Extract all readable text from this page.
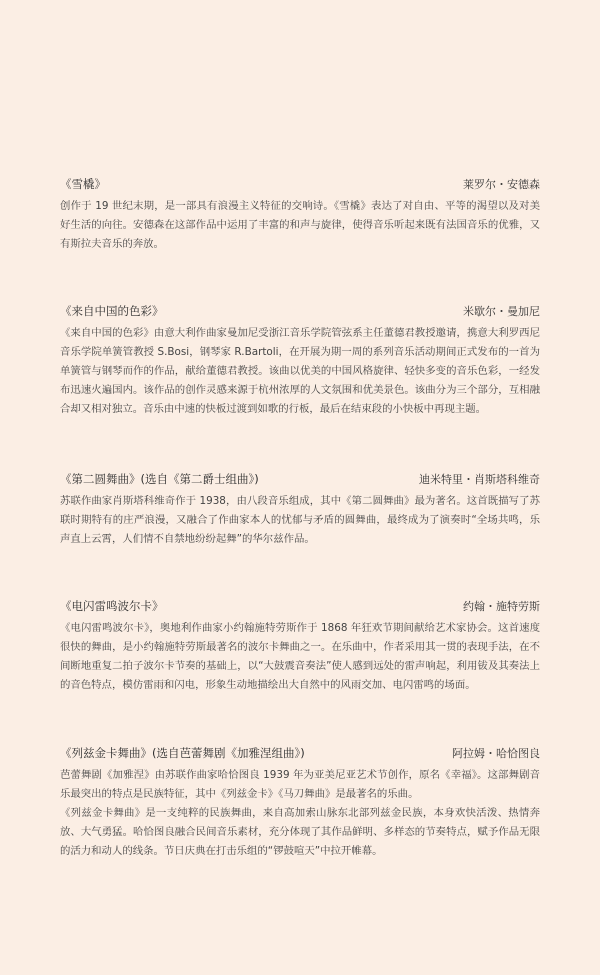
《雪橇》	莱罗尔・安德森

创作于 19 世纪末期，是一部具有浪漫主义特征的交响诗。《雪橇》表达了对自由、平等的渴望以及对美好生活的向往。安德森在这部作品中运用了丰富的和声与旋律，使得音乐听起来既有法国音乐的优雅，又有斯拉夫音乐的奔放。

《来自中国的色彩》	米歇尔・曼加尼

《来自中国的色彩》由意大利作曲家曼加尼受浙江音乐学院管弦系主任董德君教授邀请，携意大利罗西尼音乐学院单簧管教授 S.Bosi，钢琴家 R.Bartoli，在开展为期一周的系列音乐活动期间正式发布的一首为单簧管与钢琴而作的作品，献给董德君教授。该曲以优美的中国风格旋律、轻快多变的音乐色彩，一经发布迅速火遍国内。该作品的创作灵感来源于杭州浓厚的人文氛围和优美景色。该曲分为三个部分，互相融合却又相对独立。音乐由中速的快板过渡到如歌的行板，最后在结束段的小快板中再现主题。

《第二圆舞曲》(选自《第二爵士组曲》)	迪米特里・肖斯塔科维奇

苏联作曲家肖斯塔科维奇作于 1938，由八段音乐组成，其中《第二圆舞曲》最为著名。这首既描写了苏联时期特有的庄严浪漫，又融合了作曲家本人的忧郁与矛盾的圆舞曲，最终成为了演奏时“全场共鸣，乐声直上云霄，人们情不自禁地纷纷起舞”的华尔兹作品。

《电闪雷鸣波尔卡》	约翰・施特劳斯

《电闪雷鸣波尔卡》，奥地利作曲家小约翰施特劳斯作于 1868 年狂欢节期间献给艺术家协会。这首速度很快的舞曲，是小约翰施特劳斯最著名的波尔卡舞曲之一。在乐曲中，作者采用其一贯的表现手法，在不间断地重复二拍子波尔卡节奏的基础上，以“大鼓震音奏法”使人感到远处的雷声响起，利用钹及其奏法上的音色特点，模仿雷雨和闪电，形象生动地描绘出大自然中的风雨交加、电闪雷鸣的场面。

《列兹金卡舞曲》(选自芭蕾舞剧《加雅涅组曲》)	阿拉姆・哈恰图良

芭蕾舞剧《加雅涅》由苏联作曲家哈恰图良 1939 年为亚美尼亚艺术节创作，原名《幸福》。这部舞剧音乐最突出的特点是民族特征，其中《列兹金卡》《马刀舞曲》是最著名的乐曲。

《列兹金卡舞曲》是一支纯粹的民族舞曲，来自高加索山脉东北部列兹金民族，本身欢快活泼、热情奔放、大气勇猛。哈恰图良融合民间音乐素材，充分体现了其作品鲜明、多样态的节奏特点，赋予作品无限的活力和动人的线条。节日庆典在打击乐组的“锣鼓喧天”中拉开帷幕。
